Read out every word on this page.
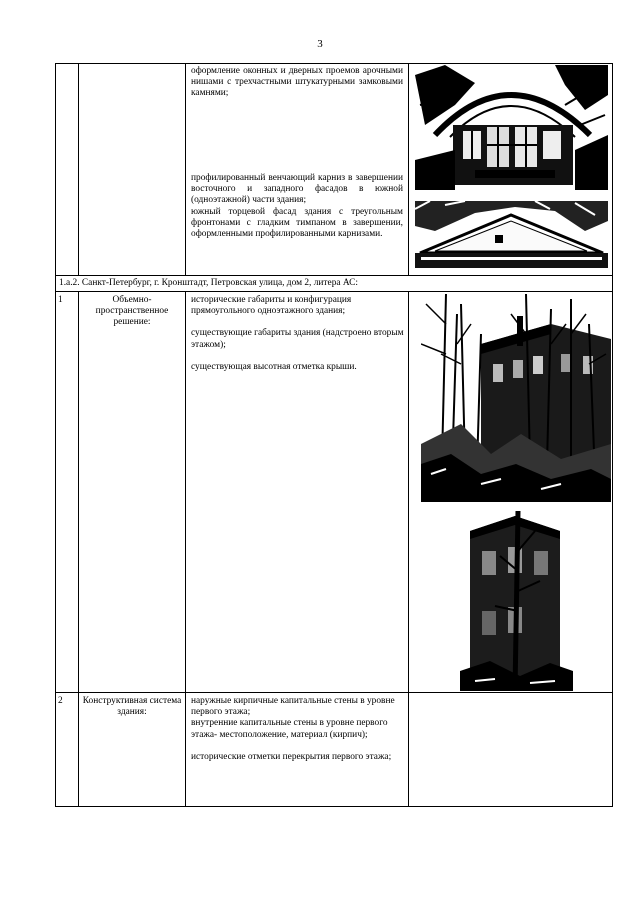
3

оформление оконных и дверных проемов арочными нишами с трехчастными штукатурными замковыми камнями;

профилированный венчающий карниз в завершении восточного и западного фасадов в южной (одноэтажной) части здания;

южный торцевой фасад здания с треугольным фронтонами с гладким тимпаном в завершении, оформленными профилированными карнизами.

1.а.2. Санкт-Петербург, г. Кронштадт, Петровская улица, дом 2, литера АС:
1	Объемно-пространственное решение:

исторические габариты и конфигурация прямоугольного одноэтажного здания;

существующие габариты здания (надстроено вторым этажом);

существующая высотная отметка крыши.

2	Конструктивная система здания:

наружные кирпичные капитальные стены в уровне первого этажа;

внутренние капитальные стены в уровне первого этажа- местоположение, материал (кирпич);

исторические отметки перекрытия первого этажа;
